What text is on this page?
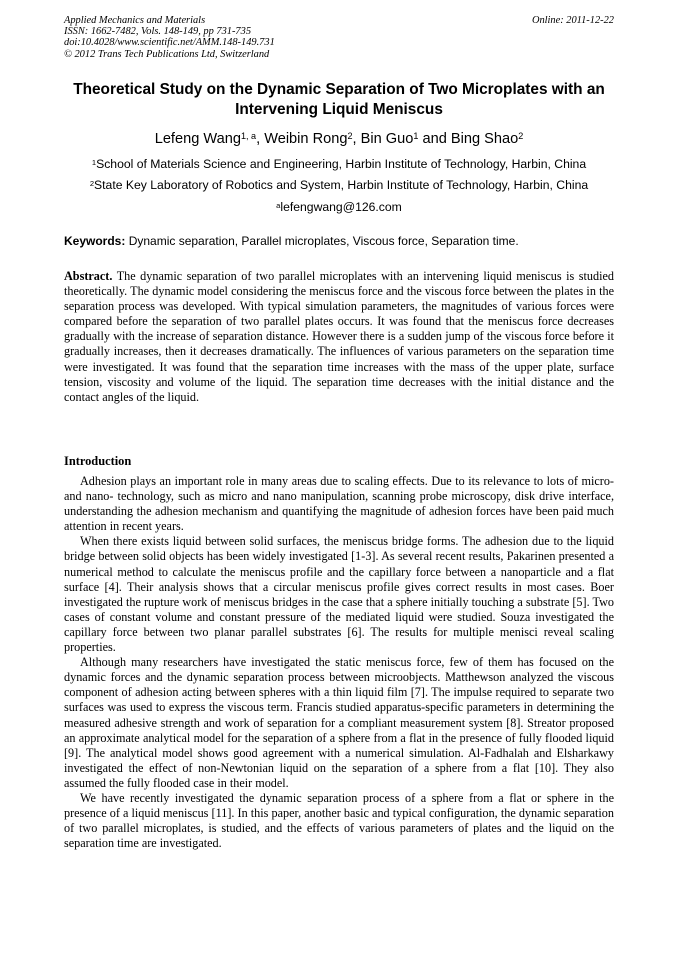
Applied Mechanics and Materials	Online: 2011-12-22
ISSN: 1662-7482, Vols. 148-149, pp 731-735
doi:10.4028/www.scientific.net/AMM.148-149.731
© 2012 Trans Tech Publications Ltd, Switzerland
Theoretical Study on the Dynamic Separation of Two Microplates with an Intervening Liquid Meniscus
Lefeng Wang$^{1, a}$, Weibin Rong$^2$, Bin Guo$^1$ and Bing Shao$^2$
$^1$School of Materials Science and Engineering, Harbin Institute of Technology, Harbin, China
$^2$State Key Laboratory of Robotics and System, Harbin Institute of Technology, Harbin, China
$^a$lefengwang@126.com
Keywords: Dynamic separation, Parallel microplates, Viscous force, Separation time.
Abstract. The dynamic separation of two parallel microplates with an intervening liquid meniscus is studied theoretically. The dynamic model considering the meniscus force and the viscous force between the plates in the separation process was developed. With typical simulation parameters, the magnitudes of various forces were compared before the separation of two parallel plates occurs. It was found that the meniscus force decreases gradually with the increase of separation distance. However there is a sudden jump of the viscous force before it gradually increases, then it decreases dramatically. The influences of various parameters on the separation time were investigated. It was found that the separation time increases with the mass of the upper plate, surface tension, viscosity and volume of the liquid. The separation time decreases with the initial distance and the contact angles of the liquid.
Introduction

Adhesion plays an important role in many areas due to scaling effects. Due to its relevance to lots of micro- and nano- technology, such as micro and nano manipulation, scanning probe microscopy, disk drive interface, understanding the adhesion mechanism and quantifying the magnitude of adhesion forces have been paid much attention in recent years.

When there exists liquid between solid surfaces, the meniscus bridge forms. The adhesion due to the liquid bridge between solid objects has been widely investigated [1-3]. As several recent results, Pakarinen presented a numerical method to calculate the meniscus profile and the capillary force between a nanoparticle and a flat surface [4]. Their analysis shows that a circular meniscus profile gives correct results in most cases. Boer investigated the rupture work of meniscus bridges in the case that a sphere initially touching a substrate [5]. Two cases of constant volume and constant pressure of the mediated liquid were studied. Souza investigated the capillary force between two planar parallel substrates [6]. The results for multiple menisci reveal scaling properties.

Although many researchers have investigated the static meniscus force, few of them has focused on the dynamic forces and the dynamic separation process between microobjects. Matthewson analyzed the viscous component of adhesion acting between spheres with a thin liquid film [7]. The impulse required to separate two surfaces was used to express the viscous term. Francis studied apparatus-specific parameters in determining the measured adhesive strength and work of separation for a compliant measurement system [8]. Streator proposed an approximate analytical model for the separation of a sphere from a flat in the presence of fully flooded liquid [9]. The analytical model shows good agreement with a numerical simulation. Al-Fadhalah and Elsharkawy investigated the effect of non-Newtonian liquid on the separation of a sphere from a flat [10]. They also assumed the fully flooded case in their model.

We have recently investigated the dynamic separation process of a sphere from a flat or sphere in the presence of a liquid meniscus [11]. In this paper, another basic and typical configuration, the dynamic separation of two parallel microplates, is studied, and the effects of various parameters of plates and the liquid on the separation time are investigated.
